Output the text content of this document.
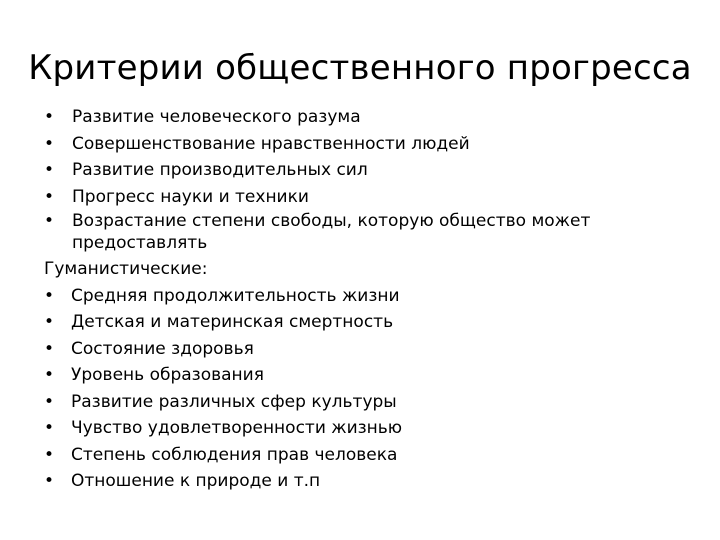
Критерии общественного прогресса
•	Развитие человеческого разума
•	Совершенствование нравственности людей
•	Развитие производительных сил
•	Прогресс науки и техники
•	Возрастание степени свободы, которую общество может предоставлять
Гуманистические:
• Средняя продолжительность жизни
• Детская и материнская смертность
• Состояние здоровья
• Уровень образования
• Развитие различных сфер культуры
• Чувство удовлетворенности жизнью
• Степень соблюдения прав человека
• Отношение к природе и т.п
